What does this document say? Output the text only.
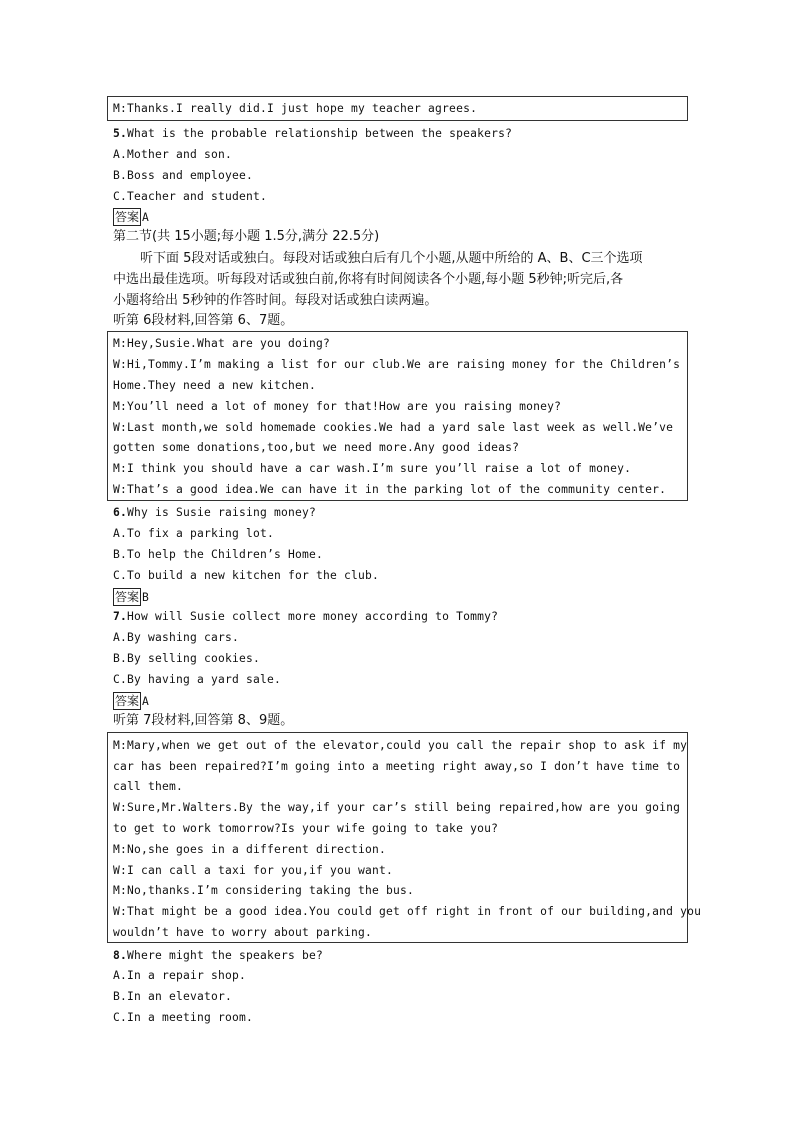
M:Thanks.I really did.I just hope my teacher agrees.
5.What is the probable relationship between the speakers?
A.Mother and son.
B.Boss and employee.
C.Teacher and student.
答案 A
第二节(共 15小题;每小题 1.5分,满分 22.5分)
听下面 5段对话或独白。每段对话或独白后有几个小题,从题中所给的 A、B、C三个选项
中选出最佳选项。听每段对话或独白前,你将有时间阅读各个小题,每小题 5秒钟;听完后,各
小题将给出 5秒钟的作答时间。每段对话或独白读两遍。
听第 6段材料,回答第 6、7题。
M:Hey,Susie.What are you doing?
W:Hi,Tommy.I’m making a list for our club.We are raising money for the Children’s
Home.They need a new kitchen.
M:You’ll need a lot of money for that!How are you raising money?
W:Last month,we sold homemade cookies.We had a yard sale last week as well.We’ve
gotten some donations,too,but we need more.Any good ideas?
M:I think you should have a car wash.I’m sure you’ll raise a lot of money.
W:That’s a good idea.We can have it in the parking lot of the community center.
6.Why is Susie raising money?
A.To fix a parking lot.
B.To help the Children’s Home.
C.To build a new kitchen for the club.
答案 B
7.How will Susie collect more money according to Tommy?
A.By washing cars.
B.By selling cookies.
C.By having a yard sale.
答案 A
听第 7段材料,回答第 8、9题。
M:Mary,when we get out of the elevator,could you call the repair shop to ask if my
car has been repaired?I’m going into a meeting right away,so I don’t have time to
call them.
W:Sure,Mr.Walters.By the way,if your car’s still being repaired,how are you going
to get to work tomorrow?Is your wife going to take you?
M:No,she goes in a different direction.
W:I can call a taxi for you,if you want.
M:No,thanks.I’m considering taking the bus.
W:That might be a good idea.You could get off right in front of our building,and you
wouldn’t have to worry about parking.
8.Where might the speakers be?
A.In a repair shop.
B.In an elevator.
C.In a meeting room.
